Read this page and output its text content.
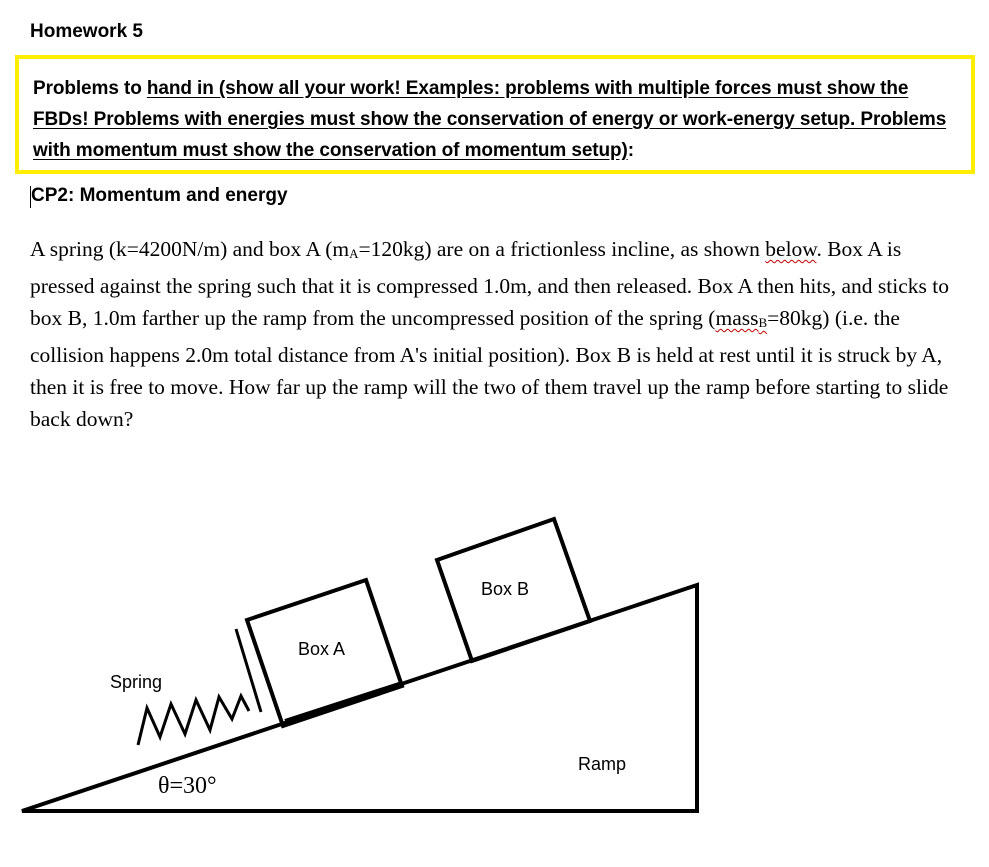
Homework 5
Problems to hand in (show all your work! Examples: problems with multiple forces must show the FBDs! Problems with energies must show the conservation of energy or work-energy setup. Problems with momentum must show the conservation of momentum setup):
CP2: Momentum and energy
A spring (k=4200N/m) and box A (mA=120kg) are on a frictionless incline, as shown below. Box A is pressed against the spring such that it is compressed 1.0m, and then released. Box A then hits, and sticks to box B, 1.0m farther up the ramp from the uncompressed position of the spring (massB=80kg) (i.e. the collision happens 2.0m total distance from A's initial position). Box B is held at rest until it is struck by A, then it is free to move. How far up the ramp will the two of them travel up the ramp before starting to slide back down?
Spring
Box A
Box B
Ramp
θ=30°
